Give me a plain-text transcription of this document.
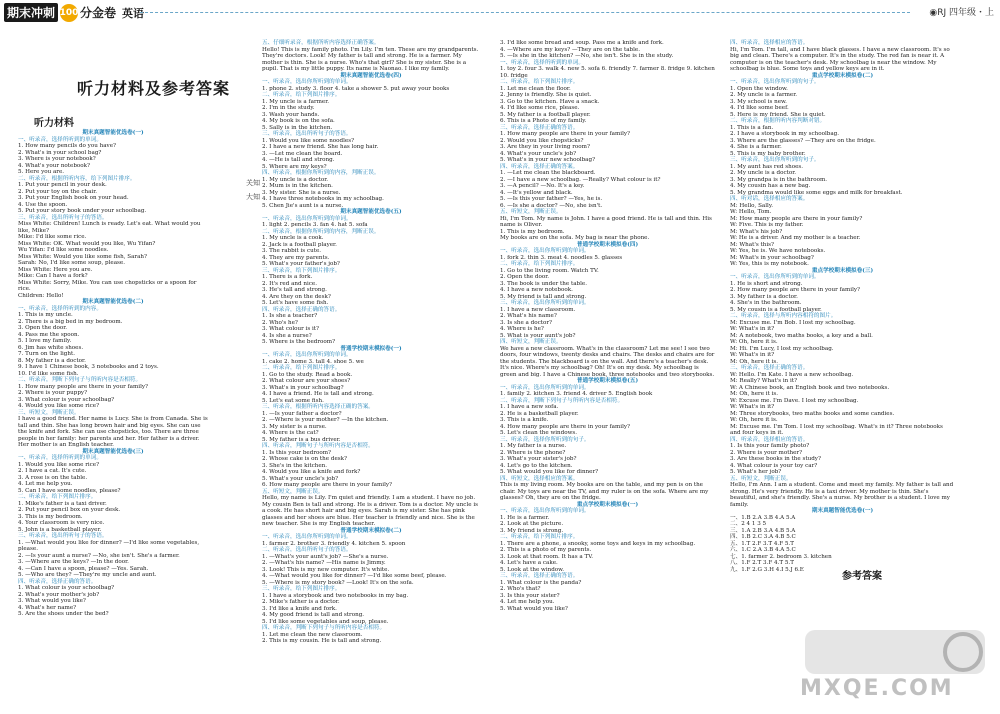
期末冲刺 100 分金卷 英语	◉RJ 四年级・上
听力材料及参考答案
听力材料

期末真题智能优选卷(一)

一、听录音，选择所听到的单词。

1. How many pencils do you have?
2. What's in your school bag?
3. Where is your notebook?
4. What's your notebook?
5. Here you are.

二、听录音，根据所听内容，给下列图片排序。

1. Put your pencil in your desk.
2. Put your toy on the chair.
3. Put your English book on your head.
4. Use the spoon.
5. Put your story book under your schoolbag.

三、听录音，选出所听句子的答语。

Miss White: Children! Lunch is ready. Let's eat. What would you like, Mike?
Mike: I'd like some rice.
Miss White: OK. What would you like, Wu Yifan?
Wu Yifan: I'd like some noodles.
Miss White: Would you like some fish, Sarah?
Sarah: No, I'd like some soup, please.
Miss White: Here you are.
Mike: Can I have a fork?
Miss White: Sorry, Mike. You can use chopsticks or a spoon for rice.
Children: Hello!

期末真题智能优选卷(二)

一、听录音，选择所听到的内容。

1. This is my uncle.
2. There is a big bed in my bedroom.
3. Open the door.
4. Pass me the spoon.
5. I love my family.
6. Jim has white shoes.
7. Turn on the light.
8. My father is a doctor.
9. I have 1 Chinese book, 3 notebooks and 2 toys.
10. I'd like some fish.

二、听录音，判断下列句子与所听内容是否相符。

1. How many people are there in your family?
2. Where is your puppy?
3. What colour is your schoolbag?
4. Would you like some rice?

三、听短文，判断正误。

I have a good friend. Her name is Lucy. She is from Canada. She is tall and thin. She has long brown hair and big eyes. She can use the knife and fork. She can use chopsticks, too. There are three people in her family: her parents and her. Her father is a driver. Her mother is an English teacher.

期末真题智能优选卷(三)

一、听录音，选择所听到的单词。

1. Would you like some rice?
2. I have a cat. It's cute.
3. A rose is on the table.
4. Let me help you.
5. Can I have some noodles, please?

二、听录音，给下列图片排序。

1. Mike's father is a taxi driver.
2. Put your pencil box on your desk.
3. This is my bedroom.
4. Your classroom is very nice.
5. John is a basketball player.

三、听录音，选出所听句子的答语。

1. —What would you like for dinner? —I'd like some vegetables, please.
2. —Is your aunt a nurse? —No, she isn't. She's a farmer.
3. —Where are the keys? —In the door.
4. —Can I have a spoon, please? —Yes. Sarah.
5. —Who are they? —They're my uncle and aunt.

四、听录音，选择正确的答语。

1. What colour is your schoolbag?
2. What's your mother's job?
3. What would you like?
4. What's her name?
5. Are the shoes under the bed?

五、仔细听录音，根据所听内容选择正确答案。

Hello! This is my family photo. I'm Lily. I'm ten. These are my grandparents. They're doctors. Look! My father is tall and strong. He is a farmer. My mother is thin. She is a nurse. Who's that girl? She is my sister. She is a pupil. That is my little puppy. Its name is Naonao. I like my family.

期末真题智能优选卷(四)

一、听录音，选出你所听到的单词。

1. phone 2. study 3. floor 4. take a shower 5. put away your books

二、听录音，给下列图片排序。

1. My uncle is a farmer.
2. I'm in the study.
3. Wash your hands.
4. My book is on the sofa.
5. Sally is in the kitchen.

三、听录音，选出所听句子的答语。

1. Would you like some noodles?
2. I have a new friend. She has long hair.
3. —Let me clean the board.
4. —He is tall and strong.
5. Where are my keys?

四、听录音，根据你所听到的内容，判断正误。

1. My uncle is a doctor.
2. Mum is in the kitchen.
3. My sister. She is a nurse.
4. I have three notebooks in my schoolbag.
5. Chen Jie's aunt is a nurse.

期末真题智能优选卷(五)

一、听录音，选出你所听到的单词。

1. light 2. pencils 3. fan 4. hat 5. sofa

二、听录音，根据你所听到的内容，判断正误。

1. My uncle is a cook.
2. Jack is a football player.
3. The rabbit is cute.
4. They are my parents.
5. What's your father's job?

三、听录音，给下列图片排序。

1. There is a fork.
2. It's red and nice.
3. He's tall and strong.
4. Are they on the desk?
5. Let's have some fish.

四、听录音，选择正确的答语。

1. Is she a teacher?
2. Who's he?
3. What colour is it?
4. Is she a nurse?
5. Where is the bedroom?

普通学校期末模拟卷(一)

一、听录音，选出你所听到的单词。

1. cake 2. home 3. tall 4. shoe 5. we

二、听录音，给下列图片排序。

1. Go to the study. Read a book.
2. What colour are your shoes?
3. What's in your schoolbag?
4. I have a friend. He is tall and strong.
5. Let's eat some fish.

三、听录音，根据所听内容选择正确的答案。

1. —Is your father a doctor?
2. —Where is your mother? —In the kitchen.
3. My sister is a nurse.
4. Where is the cat?
5. My father is a bus driver.

四、听录音，判断句子与所听内容是否相符。

1. Is this your bedroom?
2. Whose cake is on the desk?
3. She's in the kitchen.
4. Would you like a knife and fork?
5. What's your uncle's job?
6. How many people are there in your family?

五、听短文，判断正误。

Hello, my name is Lily. I'm quiet and friendly. I am a student. I have no job. My cousin Ben is tall and strong. He is a driver. Tom is a doctor. My uncle is a cook. He has short hair and big eyes. Sarah is my sister. She has pink glasses and her shoes are blue. Her teacher is friendly and nice. She is the new teacher. She is my English teacher.

普通学校期末模拟卷(二)

一、听录音，选出你所听到的单词。

1. farmer 2. brother 3. friendly 4. kitchen 5. spoon

二、听录音，选出所听句子的答语。

1. —What's your aunt's job? —She's a nurse.
2. —What's his name? —His name is Jimmy.
3. Look! This is my new computer. It's white.
4. —What would you like for dinner? —I'd like some beef, please.
5. —Where is my story book? —Look! It's on the sofa.

三、听录音，给下列图片排序。

1. I have a storybook and two notebooks in my bag.
2. Mike's father is a doctor.
3. I'd like a knife and fork.
4. My good friend is tall and strong.
5. I'd like some vegetables and soup, please.

四、听录音，判断下列句子与所听内容是否相符。

1. Let me clean the new classroom.
2. This is my cousin. He is tall and strong.

3. I'd like some bread and soup. Pass me a knife and fork.
4. —Where are my keys? —They are on the table.
5. —Is she in the kitchen? —No, she isn't. She is in the study.

一、听录音，选择所听到的单词。

1. toy 2. four 3. walk 4. new 5. sofa 6. friendly 7. farmer 8. fridge 9. kitchen 10. fridge

二、听录音，给下列图片排序。

1. Let me clean the floor.
2. Jenny is friendly. She is quiet.
3. Go to the kitchen. Have a snack.
4. I'd like some rice, please.
5. My father is a football player.
6. This is a Photo of my family.

三、听录音，选择正确的答语。

1. How many people are there in your family?
2. Would you like chopsticks?
3. Are they in your living room?
4. What's your uncle's job?
5. What's in your new schoolbag?

四、听录音，选择正确的答案。

1. —Let me clean the blackboard.
2. —I have a new schoolbag. —Really? What colour is it?
3. —A pencil? —No. It's a key.
4. —It's yellow and black.
5. —Is this your father? —Yes, he is.
6. —Is she a doctor? —No, she isn't.

五、听短文，判断正误。

Hi, I'm Tom. My name is John. I have a good friend. He is tall and thin. His name is Oliver.
1. This is my bedroom.
My books are on the sofa. My bag is near the phone.

普通学校期末模拟卷(四)

一、听录音，选出你所听到的单词。

1. fork 2. thin 3. meat 4. noodles 5. glasses

二、听录音，给下列图片排序。

1. Go to the living room. Watch TV.
2. Open the door.
3. The book is under the table.
4. I have a new notebook.
5. My friend is tall and strong.

三、听录音，选出你所听到的单词。

1. I have a new classroom.
2. What's his name?
3. Is she a doctor?
4. Where is he?
5. What is your aunt's job?

四、听短文，判断正误。

We have a new classroom. What's in the classroom? Let me see! I see two doors, four windows, twenty desks and chairs. The desks and chairs are for the students. The blackboard is on the wall. And there's a teacher's desk. It's nice. Where's my schoolbag? Oh! It's on my desk. My schoolbag is green and big. I have a Chinese book, three notebooks and two storybooks.

普通学校期末模拟卷(五)

一、听录音，选出你所听到的单词。

1. family 2. kitchen 3. friend 4. driver 5. English book

二、听录音，判断下列句子与所听内容是否相符。

1. I have a new sofa.
2. He is a basketball player.
3. This is a knife.
4. How many people are there in your family?
5. Let's clean the windows.

三、听录音，选择你所听到的句子。

1. My father is a nurse.
2. Where is the phone?
3. What's your sister's job?
4. Let's go to the kitchen.
5. What would you like for dinner?

四、听短文，选择相应的答案。

This is my living room. My books are on the table, and my pen is on the chair. My toys are near the TV, and my ruler is on the sofa. Where are my glasses? Oh, they are on the fridge.

重点学校期末模拟卷(一)

一、听录音，选出你所听到的单词。

1. He is a farmer.
2. Look at the picture.
3. My friend is strong.

二、听录音，给下列图片排序。

1. There are a phone, a snooky, some toys and keys in my schoolbag.
2. This is a photo of my parents.
3. Look at that room. It has a TV.
4. Let's have a cake.
5. Look at the window.

三、听录音，选择正确的答语。

1. What colour is the panda?
2. Who's that?
3. Is this your sister?
4. Let me help you.
5. What would you like?

四、听录音，选择相应的答语。

Hi, I'm Tom. I'm tall, and I have black glasses. I have a new classroom. It's so big and clean. There's a computer. It's in the study. The red fan is near it. A computer is on the teacher's desk. My schoolbag is near the window. My schoolbag is blue. Some toys and yellow keys are in it.

重点学校期末模拟卷(二)

一、听录音，选出你所听到的句子。

1. Open the window.
2. My uncle is a farmer.
3. My school is new.
4. I'd like some beef.
5. Here is my friend. She is quiet.

二、听录音，根据所听内容判断对错。

1. This is a fan.
2. I have a storybook in my schoolbag.
3. Where are the glasses? —They are on the fridge.
4. She is a farmer.
5. This is my baby brother.

三、听录音，选出你所听到的句子。

1. My aunt has red shoes.
2. My uncle is a doctor.
3. My grandpa is in the bathroom.
4. My cousin has a new bag.
5. My grandma would like some eggs and milk for breakfast.

四、听对话，选择相应的答案。

M: Hello, Sally.
W: Hello, Tom.
M: How many people are there in your family?
W: Five. This is my father.
M: What's his job?
W: He is a driver. And my mother is a teacher.
M: What's this?
W: Yes, he is. We have notebooks.
M: What's in your schoolbag?
W: Yes, this is my notebook.

重点学校期末模拟卷(三)

一、听录音，选出你所听到的单词。

1. He is short and strong.
2. How many people are there in your family?
3. My father is a doctor.
4. She's in the bathroom.
5. My cousin is a football player.

二、听录音，选择与所听内容相符的图片。

M: Excuse me. I'm Bob. I lost my schoolbag.
W: What's in it?
M: A notebook, two maths books, a key and a ball.
W: Oh, here it is.
M: Hi. I'm Lucy, I lost my schoolbag.
W: What's in it?
M: Oh, here it is.

三、听录音，选择正确的答语。

W: Hello. I'm Kate. I have a new schoolbag.
M: Really? What's in it?
W: A Chinese book, an English book and two notebooks.
M: Oh, here it is.
W: Excuse me. I'm Dave. I lost my schoolbag.
W: What's in it?
M: Three storybooks, two maths books and some candies.
W: Oh, here it is.
M: Excuse me. I'm Tom. I lost my schoolbag. What's in it? Three notebooks and four keys in it.

四、听录音，选择相应的答语。

1. Is this your family photo?
2. Where is your mother?
3. Are these books in the study?
4. What colour is your toy car?
5. What's her job?

五、听短文，判断正误。

Hello, I'm Ann. I am a student. Come and meet my family. My father is tall and strong. He's very friendly. He is a taxi driver. My mother is thin. She's beautiful, and she's friendly. She's a nurse. My brother is a student. I love my family.

期末真题智能优选卷(一)

一、1.B 2.A 3.B 4.A 5.A
二、2 4 1 3 5
三、1.A 2.B 3.A 4.B 5.A
四、1.B 2.C 3.A 4.B 5.C
五、1.T 2.F 3.T 4.F 5.T
六、1.C 2.A 3.B 4.A 5.C
七、1. farmer 2. bedroom 3. kitchen
八、1.F 2.T 3.F 4.T 5.T
九、1.F 2.G 3.H 4.I 5.J 6.E

关知
大知
参考答案
MXQE.COM
